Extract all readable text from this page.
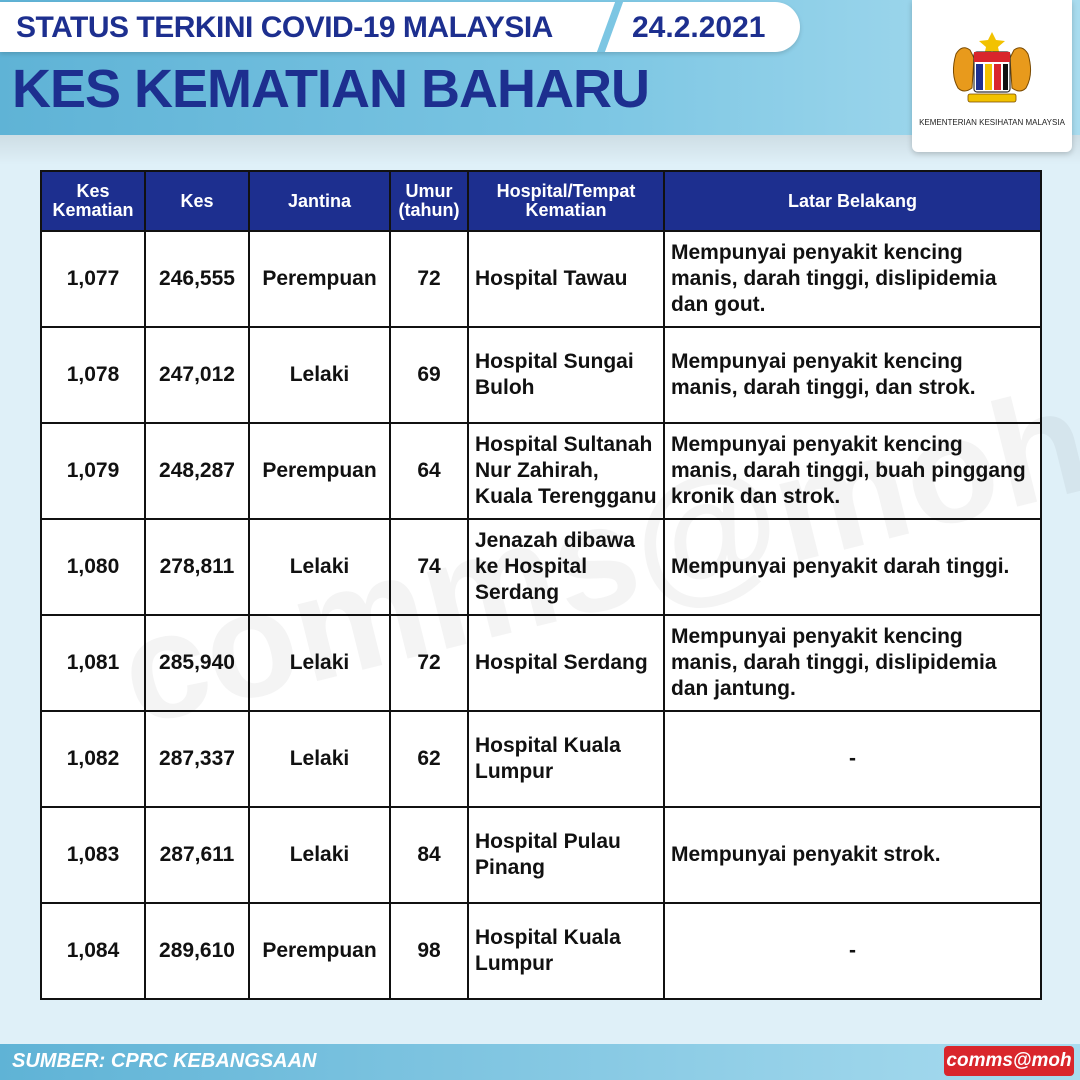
STATUS TERKINI COVID-19 MALAYSIA	24.2.2021
KES KEMATIAN BAHARU
KEMENTERIAN KESIHATAN MALAYSIA
Kes Kematian	Kes	Jantina	Umur (tahun)	Hospital/Tempat Kematian	Latar Belakang
1,077	246,555	Perempuan	72	Hospital Tawau	Mempunyai penyakit kencing manis, darah tinggi, dislipidemia dan gout.
1,078	247,012	Lelaki	69	Hospital Sungai Buloh	Mempunyai penyakit kencing manis, darah tinggi, dan strok.
1,079	248,287	Perempuan	64	Hospital Sultanah Nur Zahirah, Kuala Terengganu	Mempunyai penyakit kencing manis, darah tinggi, buah pinggang kronik dan strok.
1,080	278,811	Lelaki	74	Jenazah dibawa ke Hospital Serdang	Mempunyai penyakit darah tinggi.
1,081	285,940	Lelaki	72	Hospital Serdang	Mempunyai penyakit kencing manis, darah tinggi, dislipidemia dan jantung.
1,082	287,337	Lelaki	62	Hospital Kuala Lumpur	-
1,083	287,611	Lelaki	84	Hospital Pulau Pinang	Mempunyai penyakit strok.
1,084	289,610	Perempuan	98	Hospital Kuala Lumpur	-
SUMBER: CPRC KEBANGSAAN	comms@moh
